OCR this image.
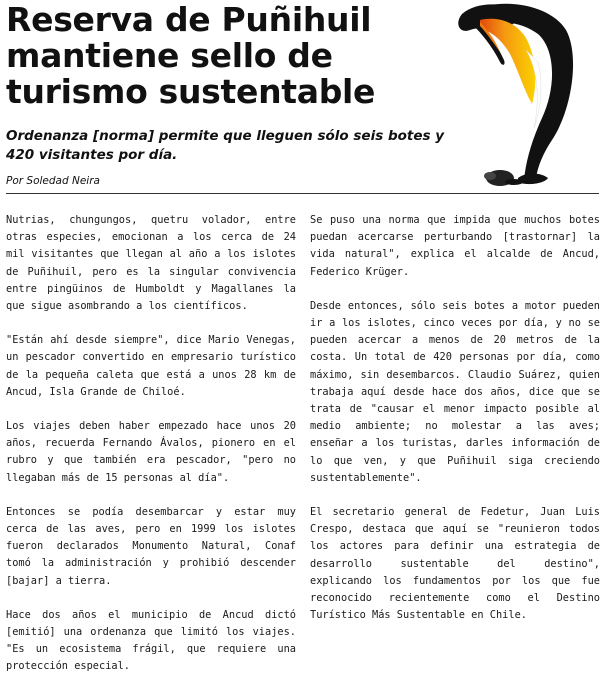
Reserva de Puñihuil mantiene sello de turismo sustentable

Ordenanza [norma] permite que lleguen sólo seis botes y 420 visitantes por día.

Por Soledad Neira

Nutrias, chungungos, quetru volador, entre otras especies, emocionan a los cerca de 24 mil visitantes que llegan al año a los islotes de Puñihuil, pero es la singular convivencia entre pingüinos de Humboldt y Magallanes la que sigue asombrando a los científicos.

"Están ahí desde siempre", dice Mario Venegas, un pescador convertido en empresario turístico de la pequeña caleta que está a unos 28 km de Ancud, Isla Grande de Chiloé.

Los viajes deben haber empezado hace unos 20 años, recuerda Fernando Ávalos, pionero en el rubro y que también era pescador, "pero no llegaban más de 15 personas al día".

Entonces se podía desembarcar y estar muy cerca de las aves, pero en 1999 los islotes fueron declarados Monumento Natural, Conaf tomó la administración y prohibió descender [bajar] a tierra.

Hace dos años el municipio de Ancud dictó [emitió] una ordenanza que limitó los viajes. "Es un ecosistema frágil, que requiere una protección especial.

Se puso una norma que impida que muchos botes puedan acercarse perturbando [trastornar] la vida natural", explica el alcalde de Ancud, Federico Krüger.

Desde entonces, sólo seis botes a motor pueden ir a los islotes, cinco veces por día, y no se pueden acercar a menos de 20 metros de la costa. Un total de 420 personas por día, como máximo, sin desembarcos. Claudio Suárez, quien trabaja aquí desde hace dos años, dice que se trata de "causar el menor impacto posible al medio ambiente; no molestar a las aves; enseñar a los turistas, darles información de lo que ven, y que Puñihuil siga creciendo sustentablemente".

El secretario general de Fedetur, Juan Luis Crespo, destaca que aquí se "reunieron todos los actores para definir una estrategia de desarrollo sustentable del destino", explicando los fundamentos por los que fue reconocido recientemente como el Destino Turístico Más Sustentable en Chile.
